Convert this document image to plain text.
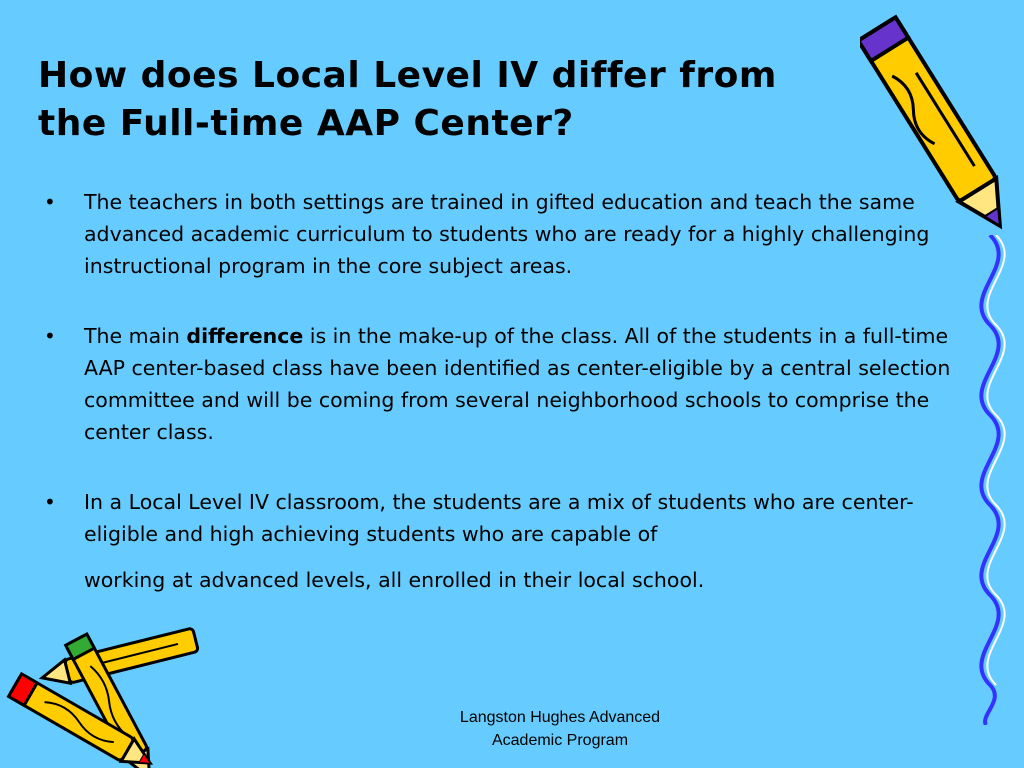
How does Local Level IV differ from
the Full-time AAP Center?
•	The teachers in both settings are trained in gifted education and teach the same advanced academic curriculum to students who are ready for a highly challenging instructional program in the core subject areas.
•	The main difference is in the make-up of the class. All of the students in a full-time AAP center-based class have been identified as center-eligible by a central selection committee and will be coming from several neighborhood schools to comprise the center class.
•	In a Local Level IV classroom, the students are a mix of students who are center-eligible and high achieving students who are capable of
working at advanced levels, all enrolled in their local school.
Langston Hughes Advanced
Academic Program
